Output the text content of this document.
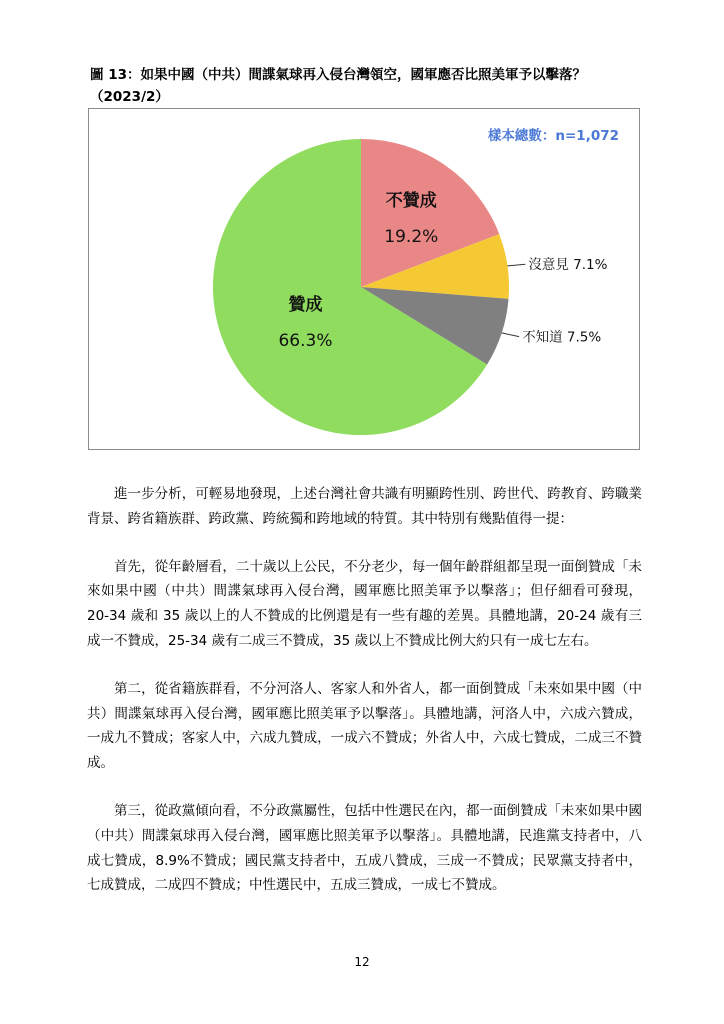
圖 13：如果中國（中共）間諜氣球再入侵台灣領空，國軍應否比照美軍予以擊落？（2023/2）
不贊成
19.2%
沒意見 7.1%
不知道 7.5%
贊成
66.3%
樣本總數：n=1,072

進一步分析，可輕易地發現，上述台灣社會共識有明顯跨性別、跨世代、跨教育、跨職業背景、跨省籍族群、跨政黨、跨統獨和跨地域的特質。其中特別有幾點值得一提：

首先，從年齡層看，二十歲以上公民，不分老少，每一個年齡群組都呈現一面倒贊成「未來如果中國（中共）間諜氣球再入侵台灣，國軍應比照美軍予以擊落」；但仔細看可發現，20-34 歲和 35 歲以上的人不贊成的比例還是有一些有趣的差異。具體地講，20-24 歲有三成一不贊成，25-34 歲有二成三不贊成，35 歲以上不贊成比例大約只有一成七左右。

第二，從省籍族群看，不分河洛人、客家人和外省人，都一面倒贊成「未來如果中國（中共）間諜氣球再入侵台灣，國軍應比照美軍予以擊落」。具體地講，河洛人中，六成六贊成，一成九不贊成；客家人中，六成九贊成，一成六不贊成；外省人中，六成七贊成，二成三不贊成。

第三，從政黨傾向看，不分政黨屬性，包括中性選民在內，都一面倒贊成「未來如果中國（中共）間諜氣球再入侵台灣，國軍應比照美軍予以擊落」。具體地講，民進黨支持者中，八成七贊成，8.9%不贊成；國民黨支持者中，五成八贊成，三成一不贊成；民眾黨支持者中，七成贊成，二成四不贊成；中性選民中，五成三贊成，一成七不贊成。

12
